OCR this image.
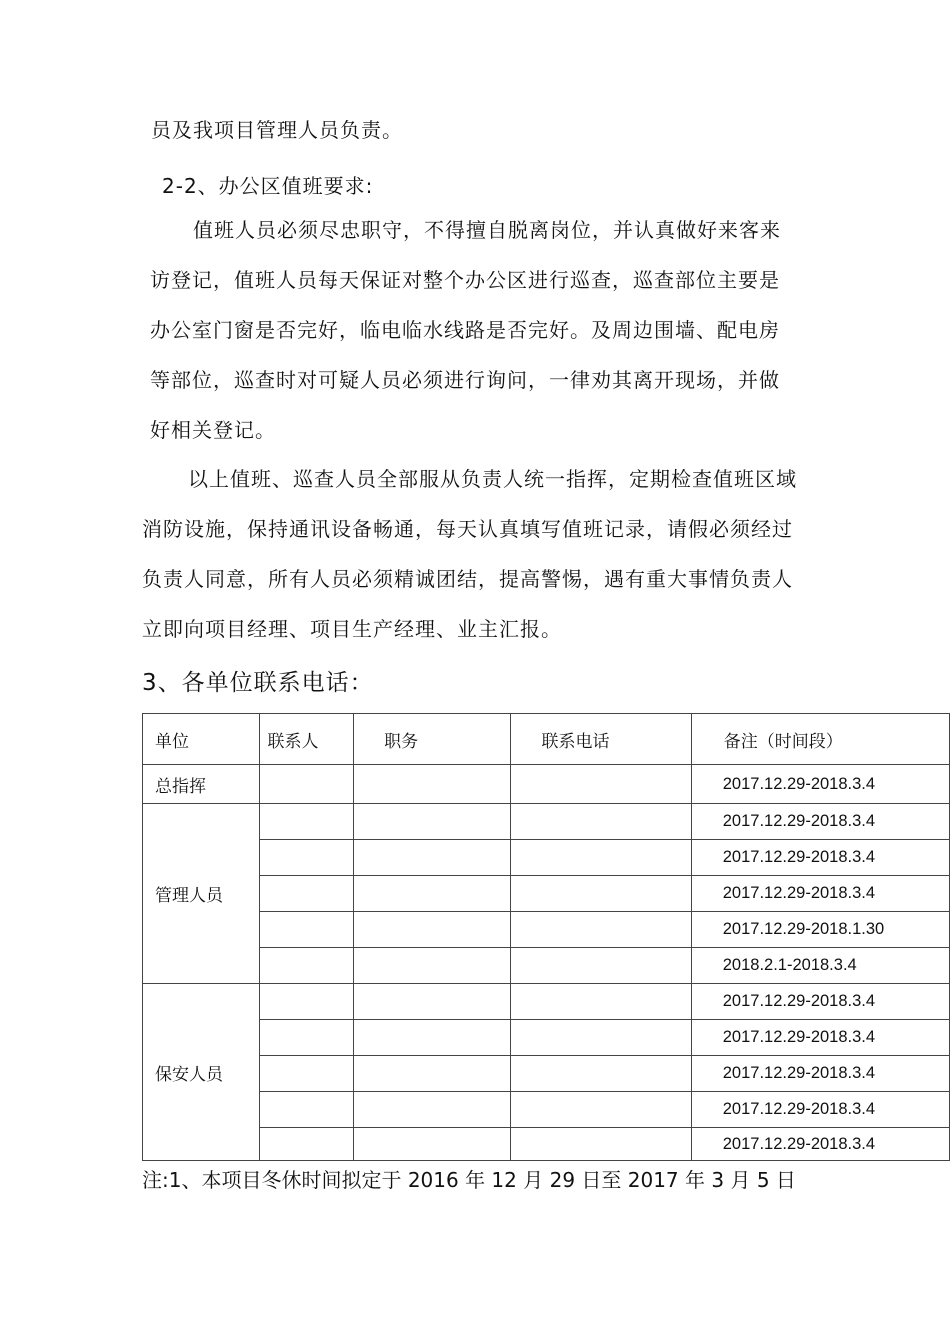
员及我项目管理人员负责。
2-2、办公区值班要求:
值班人员必须尽忠职守，不得擅自脱离岗位，并认真做好来客来
访登记，值班人员每天保证对整个办公区进行巡查，巡查部位主要是
办公室门窗是否完好，临电临水线路是否完好。及周边围墙、配电房
等部位，巡查时对可疑人员必须进行询问，一律劝其离开现场，并做
好相关登记。
以上值班、巡查人员全部服从负责人统一指挥，定期检查值班区域
消防设施，保持通讯设备畅通，每天认真填写值班记录，请假必须经过
负责人同意，所有人员必须精诚团结，提高警惕，遇有重大事情负责人
立即向项目经理、项目生产经理、业主汇报。
3、各单位联系电话：
单位	联系人	职务	联系电话	备注（时间段）
总指挥				2017.12.29-2018.3.4
管理人员				2017.12.29-2018.3.4
				2017.12.29-2018.3.4
				2017.12.29-2018.3.4
				2017.12.29-2018.1.30
				2018.2.1-2018.3.4
保安人员				2017.12.29-2018.3.4
				2017.12.29-2018.3.4
				2017.12.29-2018.3.4
				2017.12.29-2018.3.4
				2017.12.29-2018.3.4
注:1、本项目冬休时间拟定于 2016 年 12 月 29 日至 2017 年 3 月 5 日
